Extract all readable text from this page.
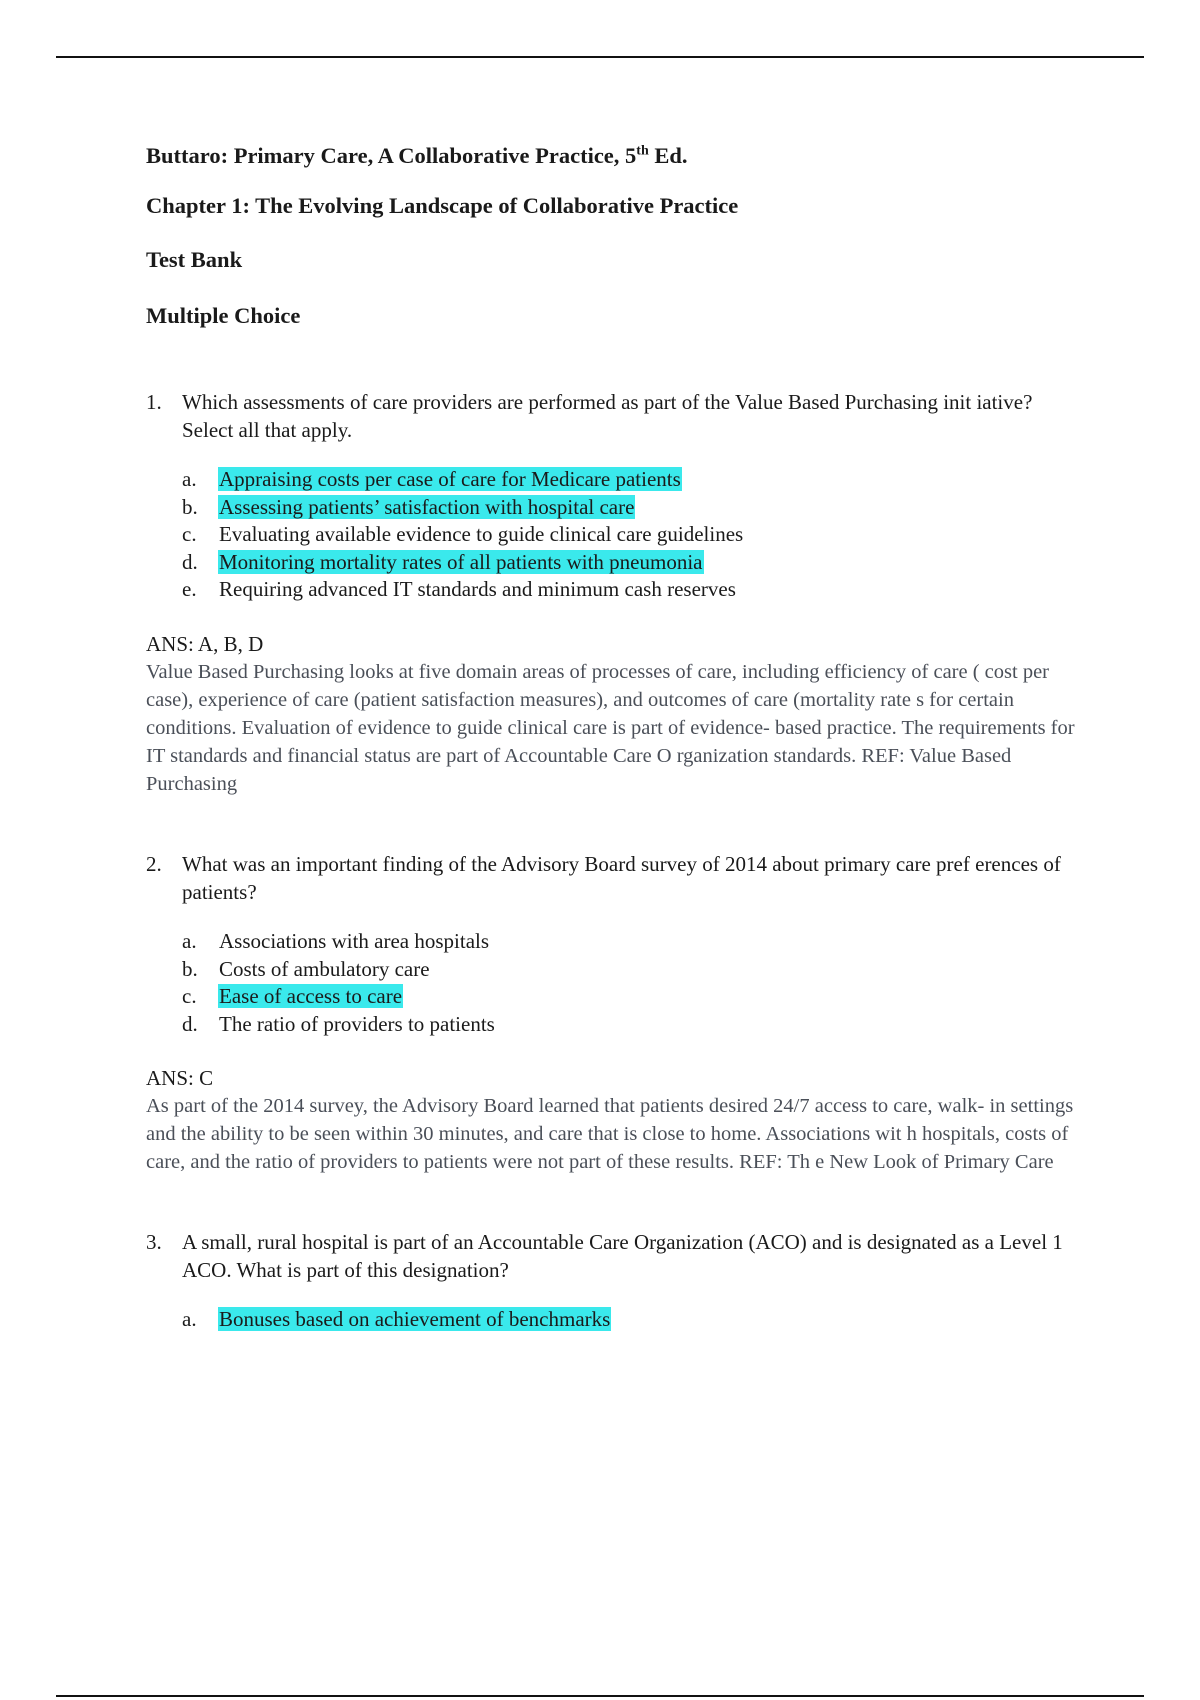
Buttaro: Primary Care, A Collaborative Practice, 5th Ed.

Chapter 1: The Evolving Landscape of Collaborative Practice

Test Bank

Multiple Choice

1. Which assessments of care providers are performed as part of the Value Based Purchasing init iative?

Select all that apply.

a. Appraising costs per case of care for Medicare patients
b. Assessing patients’ satisfaction with hospital care
c. Evaluating available evidence to guide clinical care guidelines
d. Monitoring mortality rates of all patients with pneumonia
e. Requiring advanced IT standards and minimum cash reserves

ANS: A, B, D

Value Based Purchasing looks at five domain areas of processes of care, including efficiency of care ( cost per case), experience of care (patient satisfaction measures), and outcomes of care (mortality rate s for certain conditions. Evaluation of evidence to guide clinical care is part of evidence- based practice. The requirements for IT standards and financial status are part of Accountable Care O rganization standards. REF: Value Based Purchasing

2. What was an important finding of the Advisory Board survey of 2014 about primary care pref erences of patients?

a. Associations with area hospitals
b. Costs of ambulatory care
c. Ease of access to care
d. The ratio of providers to patients

ANS: C

As part of the 2014 survey, the Advisory Board learned that patients desired 24/7 access to care, walk- in settings and the ability to be seen within 30 minutes, and care that is close to home. Associations wit h hospitals, costs of care, and the ratio of providers to patients were not part of these results. REF: Th e New Look of Primary Care

3. A small, rural hospital is part of an Accountable Care Organization (ACO) and is designated as a Level 1 ACO. What is part of this designation?

a. Bonuses based on achievement of benchmarks
